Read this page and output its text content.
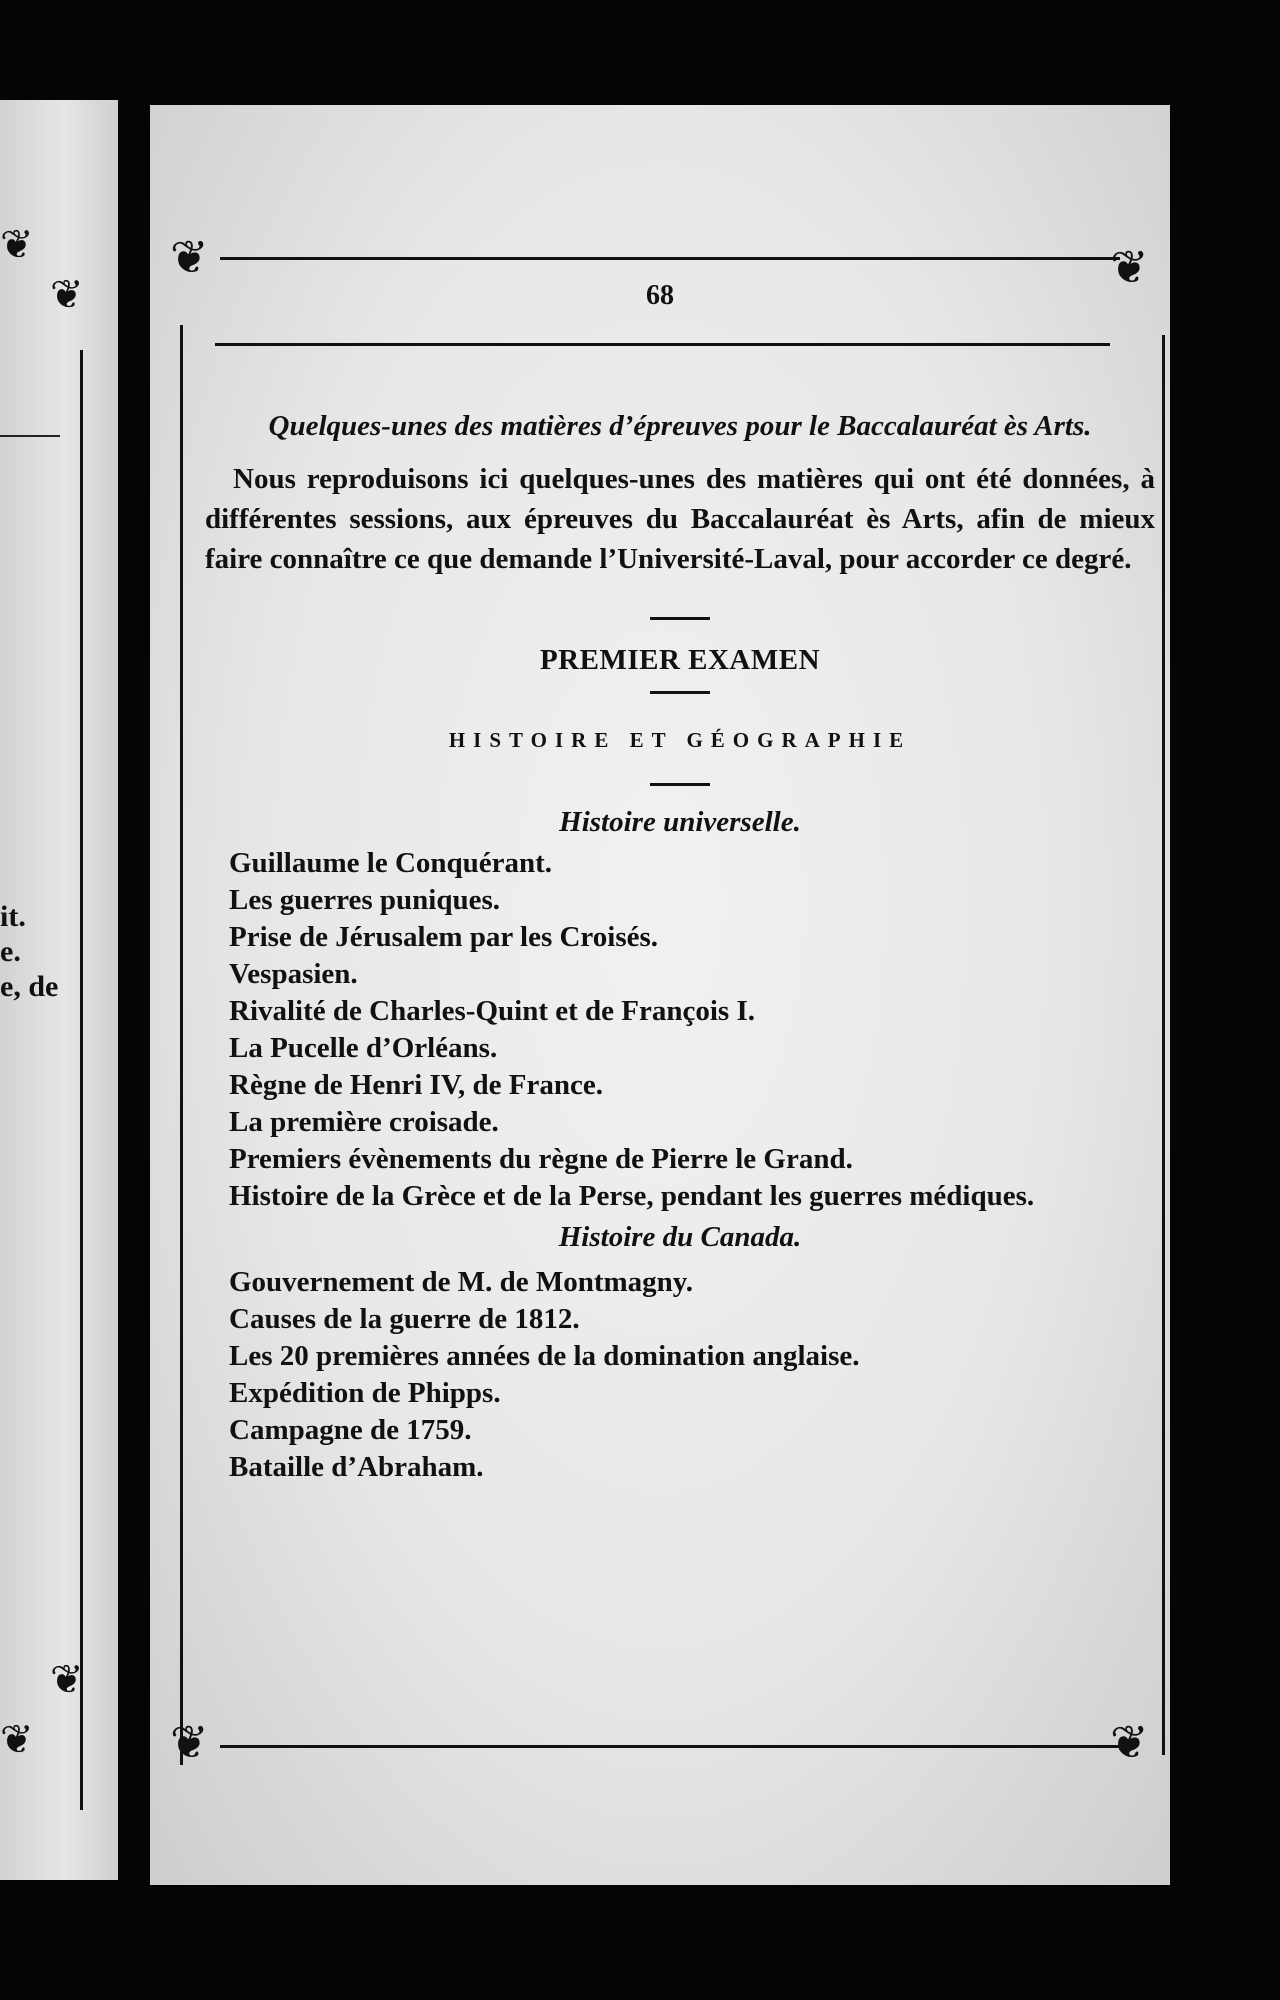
❦
❦
❦
❦
it.
e.
e, de
❦	❦
❦	❦
68

Quelques-unes des matières d’épreuves pour le Baccalauréat ès Arts.

Nous reproduisons ici quelques-unes des matières qui ont été données, à différentes sessions, aux épreuves du Baccalauréat ès Arts, afin de mieux faire connaître ce que demande l’Université-Laval, pour accorder ce degré.

PREMIER EXAMEN
HISTOIRE ET GÉOGRAPHIE
Histoire universelle.
Guillaume le Conquérant.
Les guerres puniques.
Prise de Jérusalem par les Croisés.
Vespasien.
Rivalité de Charles-Quint et de François I.
La Pucelle d’Orléans.
Règne de Henri IV, de France.
La première croisade.
Premiers évènements du règne de Pierre le Grand.
Histoire de la Grèce et de la Perse, pendant les guerres médiques.
Histoire du Canada.
Gouvernement de M. de Montmagny.
Causes de la guerre de 1812.
Les 20 premières années de la domination anglaise.
Expédition de Phipps.
Campagne de 1759.
Bataille d’Abraham.
